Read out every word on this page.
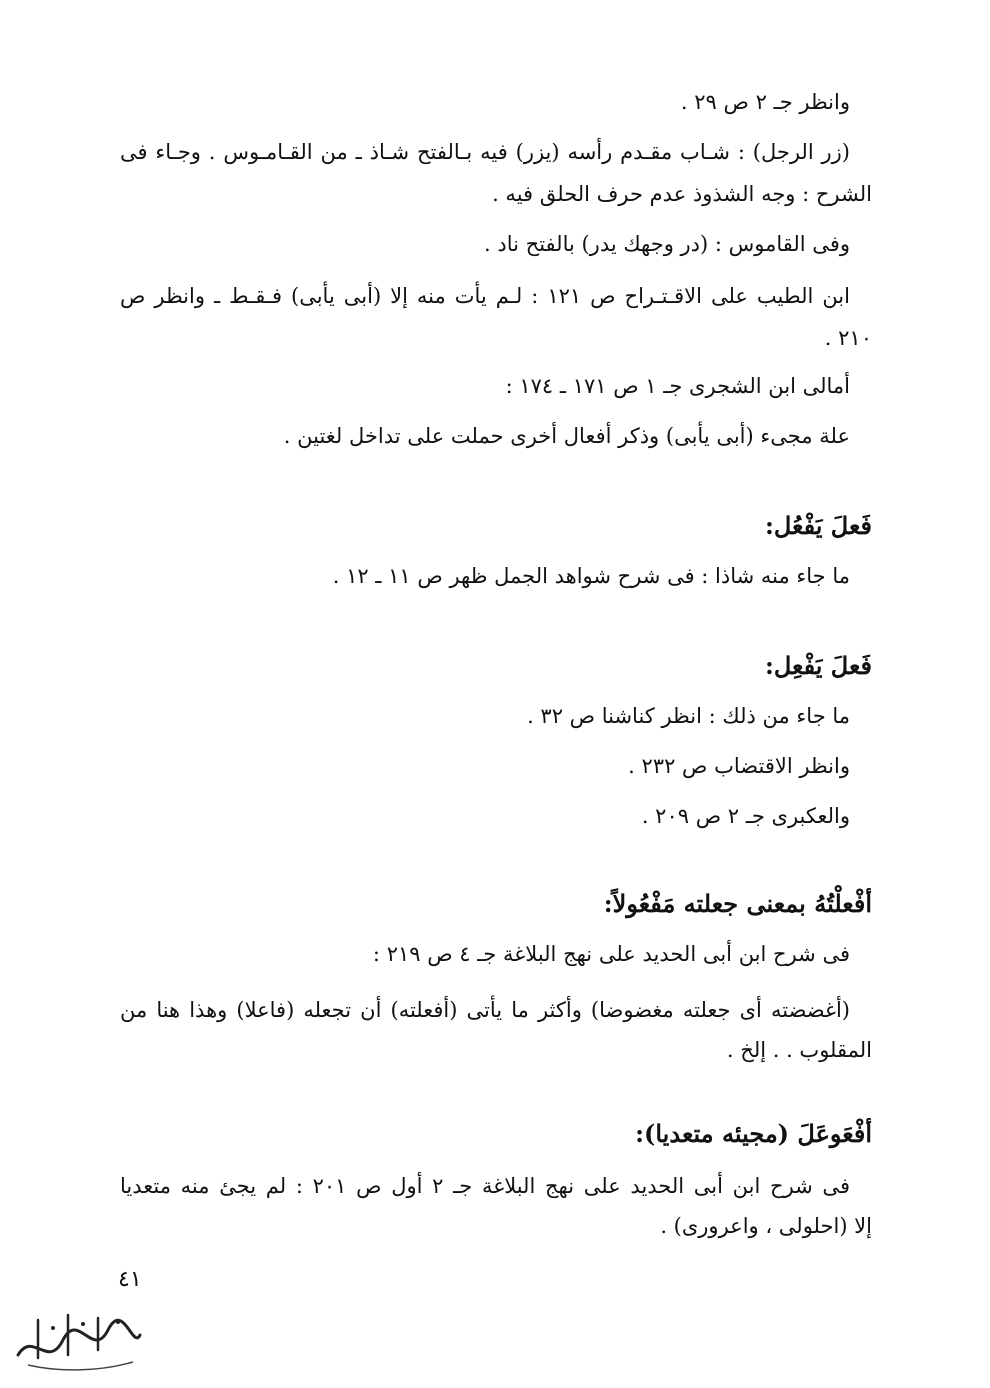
وانظر جـ ٢ ص ٢٩ .
(زر الرجل) : شـاب مقـدم رأسه (يزر) فيه بـالفتح شـاذ ـ من القـامـوس . وجـاء فى
الشرح : وجه الشذوذ عدم حرف الحلق فيه .
وفى القاموس : (در وجهك يدر) بالفتح ناد .
ابن الطيب على الاقـتـراح ص ١٢١ : لـم يأت منه إلا (أبى يأبى) فـقـط ـ وانظر ص
٢١٠ .
أمالى ابن الشجرى جـ ١ ص ١٧١ ـ ١٧٤ :
علة مجىء (أبى يأبى) وذكر أفعال أخرى حملت على تداخل لغتين .
فَعلَ يَفْعُل:
ما جاء منه شاذا : فى شرح شواهد الجمل ظهر ص ١١ ـ ١٢ .
فَعلَ يَفْعِل:
ما جاء من ذلك : انظر كناشنا ص ٣٢ .
وانظر الاقتضاب ص ٢٣٢ .
والعكبرى جـ ٢ ص ٢٠٩ .
أفْعلْتُهُ بمعنى جعلته مَفْعُولاً:
فى شرح ابن أبى الحديد على نهج البلاغة جـ ٤ ص ٢١٩ :
(أغضضته أى جعلته مغضوضا) وأكثر ما يأتى (أفعلته) أن تجعله (فاعلا) وهذا هنا من
المقلوب . . إلخ .
أفْعَوعَلَ (مجيئه متعديا):
فى شرح ابن أبى الحديد على نهج البلاغة جـ ٢ أول ص ٢٠١ : لم يجئ منه متعديا
إلا (احلولى ، واعرورى) .
٤١
